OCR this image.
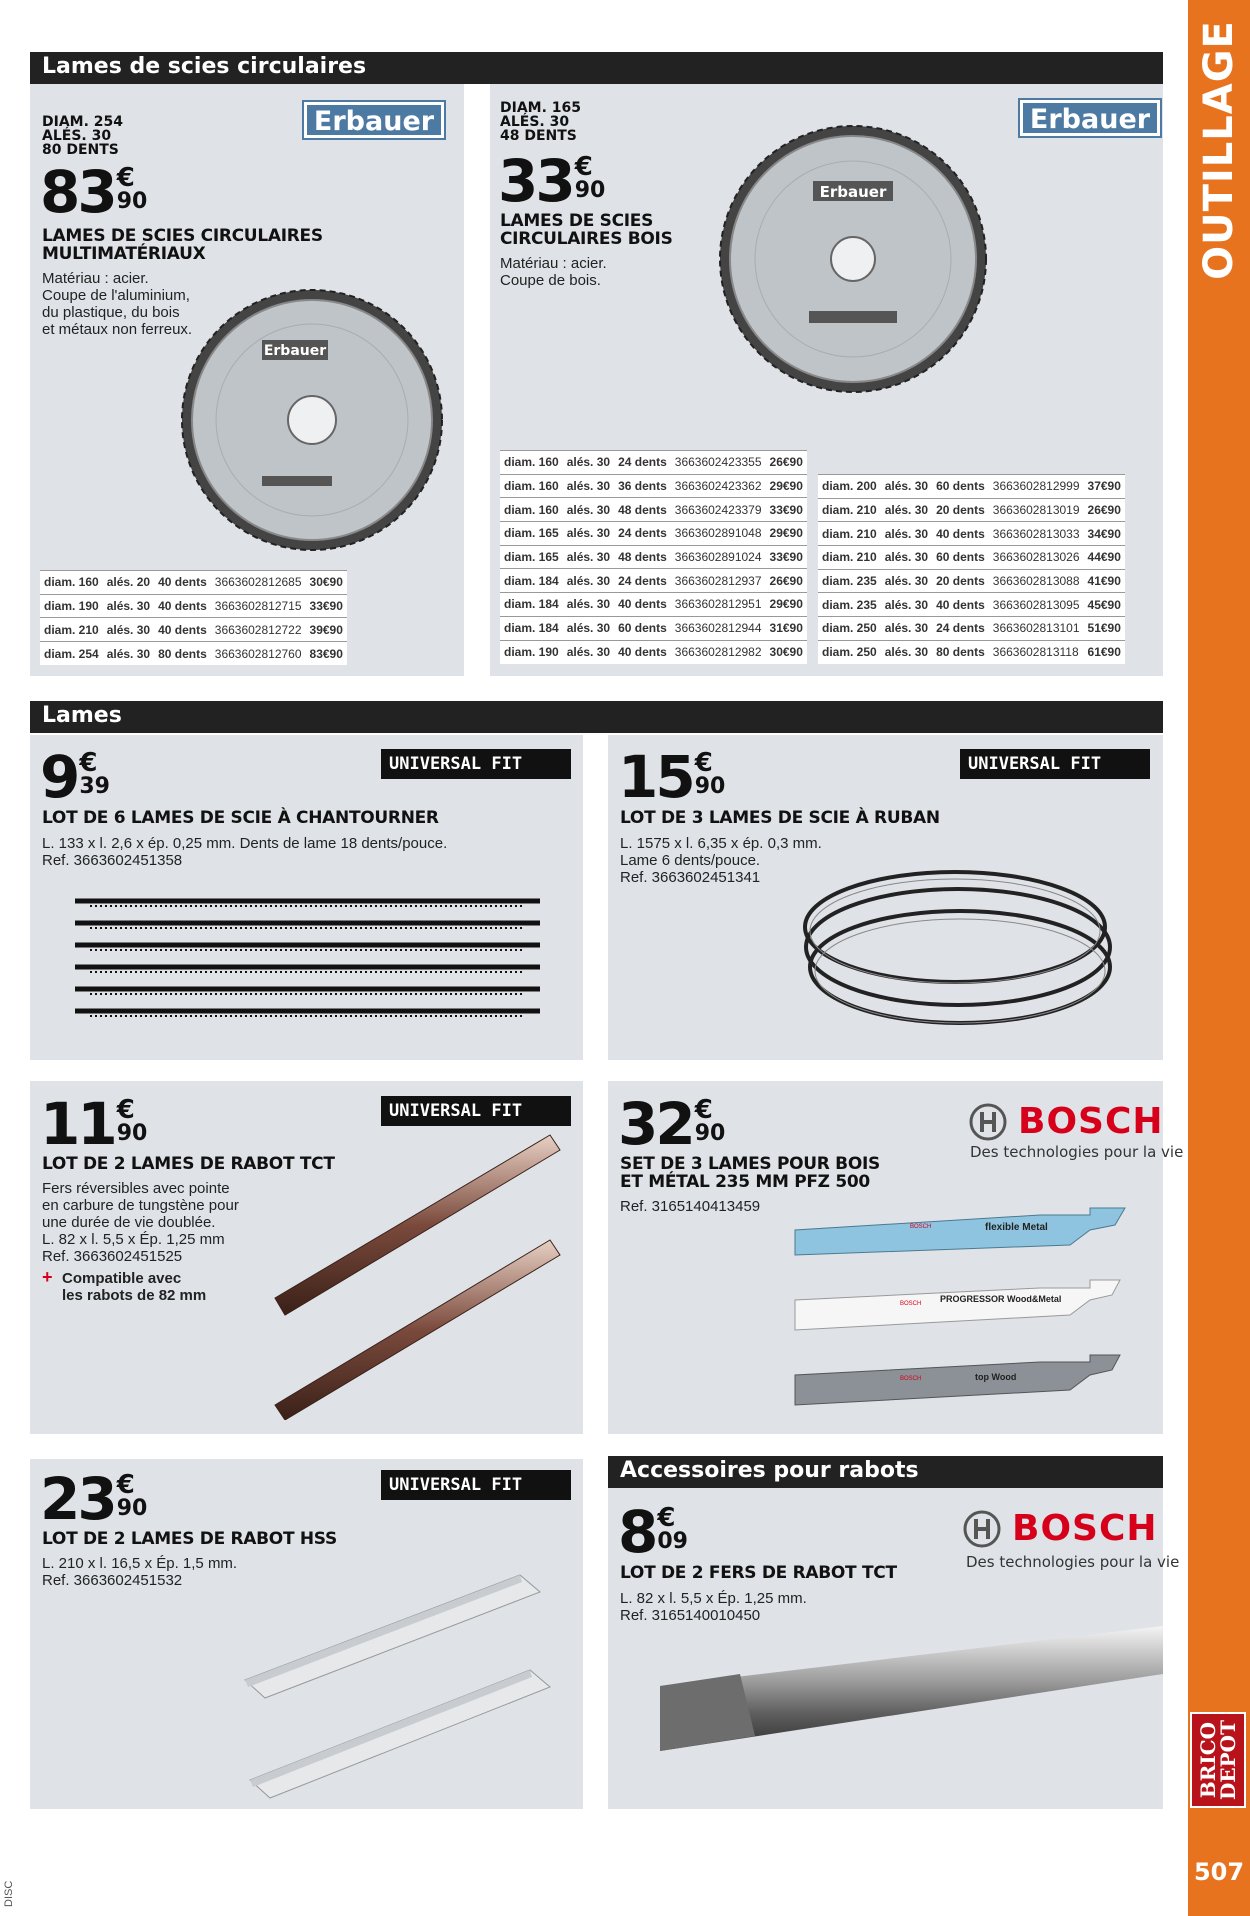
OUTILLAGE
BRICO
DEPOT
507
DISC
Lames de scies circulaires
DIAM. 254
ALÉS. 30
80 DENTS
83 €
90
Erbauer
LAMES DE SCIES CIRCULAIRES
MULTIMATÉRIAUX
Matériau : acier.
Coupe de l'aluminium,
du plastique, du bois
et métaux non ferreux.
Erbauer
diam. 160	alés. 20	40 dents	3663602812685	30€90
diam. 190	alés. 30	40 dents	3663602812715	33€90
diam. 210	alés. 30	40 dents	3663602812722	39€90
diam. 254	alés. 30	80 dents	3663602812760	83€90
DIAM. 165
ALÉS. 30
48 DENTS
33 €
90
Erbauer
LAMES DE SCIES
CIRCULAIRES BOIS
Matériau : acier.
Coupe de bois.
Erbauer
diam. 160	alés. 30	24 dents	3663602423355	26€90
diam. 160	alés. 30	36 dents	3663602423362	29€90
diam. 160	alés. 30	48 dents	3663602423379	33€90
diam. 165	alés. 30	24 dents	3663602891048	29€90
diam. 165	alés. 30	48 dents	3663602891024	33€90
diam. 184	alés. 30	24 dents	3663602812937	26€90
diam. 184	alés. 30	40 dents	3663602812951	29€90
diam. 184	alés. 30	60 dents	3663602812944	31€90
diam. 190	alés. 30	40 dents	3663602812982	30€90
diam. 200	alés. 30	60 dents	3663602812999	37€90
diam. 210	alés. 30	20 dents	3663602813019	26€90
diam. 210	alés. 30	40 dents	3663602813033	34€90
diam. 210	alés. 30	60 dents	3663602813026	44€90
diam. 235	alés. 30	20 dents	3663602813088	41€90
diam. 235	alés. 30	40 dents	3663602813095	45€90
diam. 250	alés. 30	24 dents	3663602813101	51€90
diam. 250	alés. 30	80 dents	3663602813118	61€90
Lames
9 €
39
UNIVERSAL FIT
LOT DE 6 LAMES DE SCIE À CHANTOURNER
L. 133 x l. 2,6 x ép. 0,25 mm. Dents de lame 18 dents/pouce.
Ref. 3663602451358
15 €
90
UNIVERSAL FIT
LOT DE 3 LAMES DE SCIE À RUBAN
L. 1575 x l. 6,35 x ép. 0,3 mm.
Lame 6 dents/pouce.
Ref. 3663602451341
11 €
90
UNIVERSAL FIT
LOT DE 2 LAMES DE RABOT TCT
Fers réversibles avec pointe
en carbure de tungstène pour
une durée de vie doublée.
L. 82 x l. 5,5 x Ép. 1,25 mm
Ref. 3663602451525
+ Compatible avec
les rabots de 82 mm
32 €
90	BOSCH
Des technologies pour la vie
SET DE 3 LAMES POUR BOIS
ET MÉTAL 235 MM PFZ 500
Ref. 3165140413459
flexible Metal
BOSCH
PROGRESSOR Wood&Metal
BOSCH
top Wood
BOSCH
23 €
90
UNIVERSAL FIT
LOT DE 2 LAMES DE RABOT HSS
L. 210 x l. 16,5 x Ép. 1,5 mm.
Ref. 3663602451532
Accessoires pour rabots
8 €
09	BOSCH
Des technologies pour la vie
LOT DE 2 FERS DE RABOT TCT
L. 82 x l. 5,5 x Ép. 1,25 mm.
Ref. 3165140010450
